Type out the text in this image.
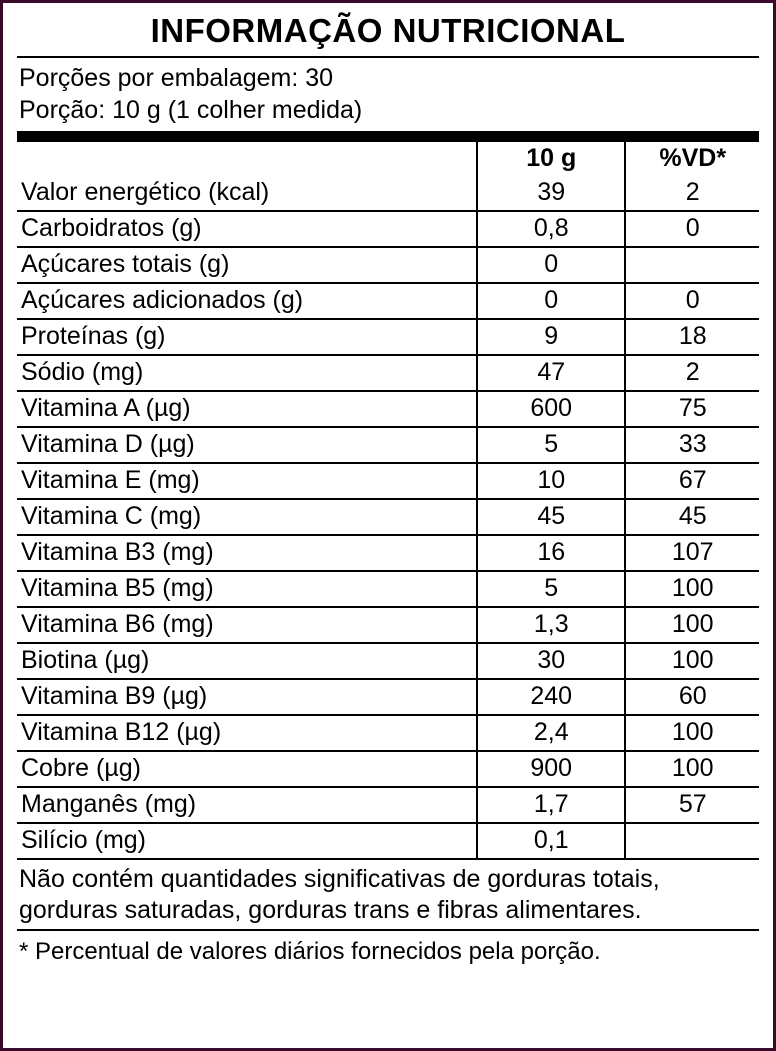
INFORMAÇÃO NUTRICIONAL
Porções por embalagem: 30
Porção: 10 g (1 colher medida)
	10 g	%VD*
Valor energético (kcal)	39	2
Carboidratos (g)	0,8	0
Açúcares totais (g)	0	
Açúcares adicionados (g)	0	0
Proteínas (g)	9	18
Sódio (mg)	47	2
Vitamina A (µg)	600	75
Vitamina D (µg)	5	33
Vitamina E (mg)	10	67
Vitamina C (mg)	45	45
Vitamina B3 (mg)	16	107
Vitamina B5 (mg)	5	100
Vitamina B6 (mg)	1,3	100
Biotina (µg)	30	100
Vitamina B9 (µg)	240	60
Vitamina B12 (µg)	2,4	100
Cobre (µg)	900	100
Manganês (mg)	1,7	57
Silício (mg)	0,1	
Não contém quantidades significativas de gorduras totais, gorduras saturadas, gorduras trans e fibras alimentares.
* Percentual de valores diários fornecidos pela porção.
